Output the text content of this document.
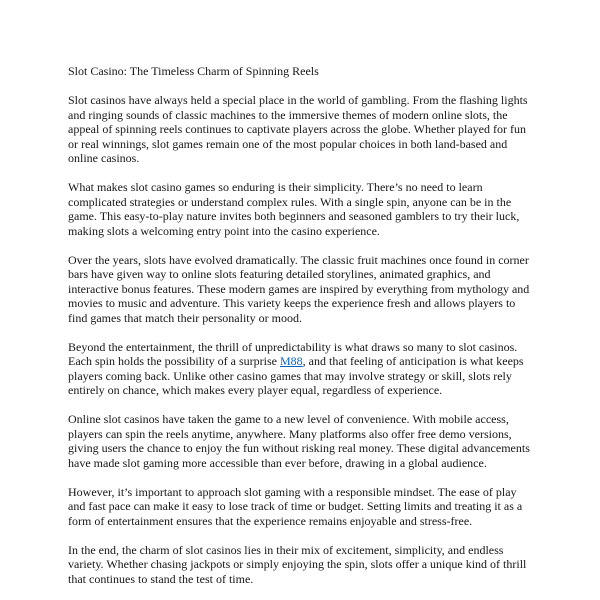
Slot Casino: The Timeless Charm of Spinning Reels

Slot casinos have always held a special place in the world of gambling. From the flashing lights and ringing sounds of classic machines to the immersive themes of modern online slots, the appeal of spinning reels continues to captivate players across the globe. Whether played for fun or real winnings, slot games remain one of the most popular choices in both land-based and online casinos.

What makes slot casino games so enduring is their simplicity. There’s no need to learn complicated strategies or understand complex rules. With a single spin, anyone can be in the game. This easy-to-play nature invites both beginners and seasoned gamblers to try their luck, making slots a welcoming entry point into the casino experience.

Over the years, slots have evolved dramatically. The classic fruit machines once found in corner bars have given way to online slots featuring detailed storylines, animated graphics, and interactive bonus features. These modern games are inspired by everything from mythology and movies to music and adventure. This variety keeps the experience fresh and allows players to find games that match their personality or mood.

Beyond the entertainment, the thrill of unpredictability is what draws so many to slot casinos. Each spin holds the possibility of a surprise M88, and that feeling of anticipation is what keeps players coming back. Unlike other casino games that may involve strategy or skill, slots rely entirely on chance, which makes every player equal, regardless of experience.

Online slot casinos have taken the game to a new level of convenience. With mobile access, players can spin the reels anytime, anywhere. Many platforms also offer free demo versions, giving users the chance to enjoy the fun without risking real money. These digital advancements have made slot gaming more accessible than ever before, drawing in a global audience.

However, it’s important to approach slot gaming with a responsible mindset. The ease of play and fast pace can make it easy to lose track of time or budget. Setting limits and treating it as a form of entertainment ensures that the experience remains enjoyable and stress-free.

In the end, the charm of slot casinos lies in their mix of excitement, simplicity, and endless variety. Whether chasing jackpots or simply enjoying the spin, slots offer a unique kind of thrill that continues to stand the test of time.
